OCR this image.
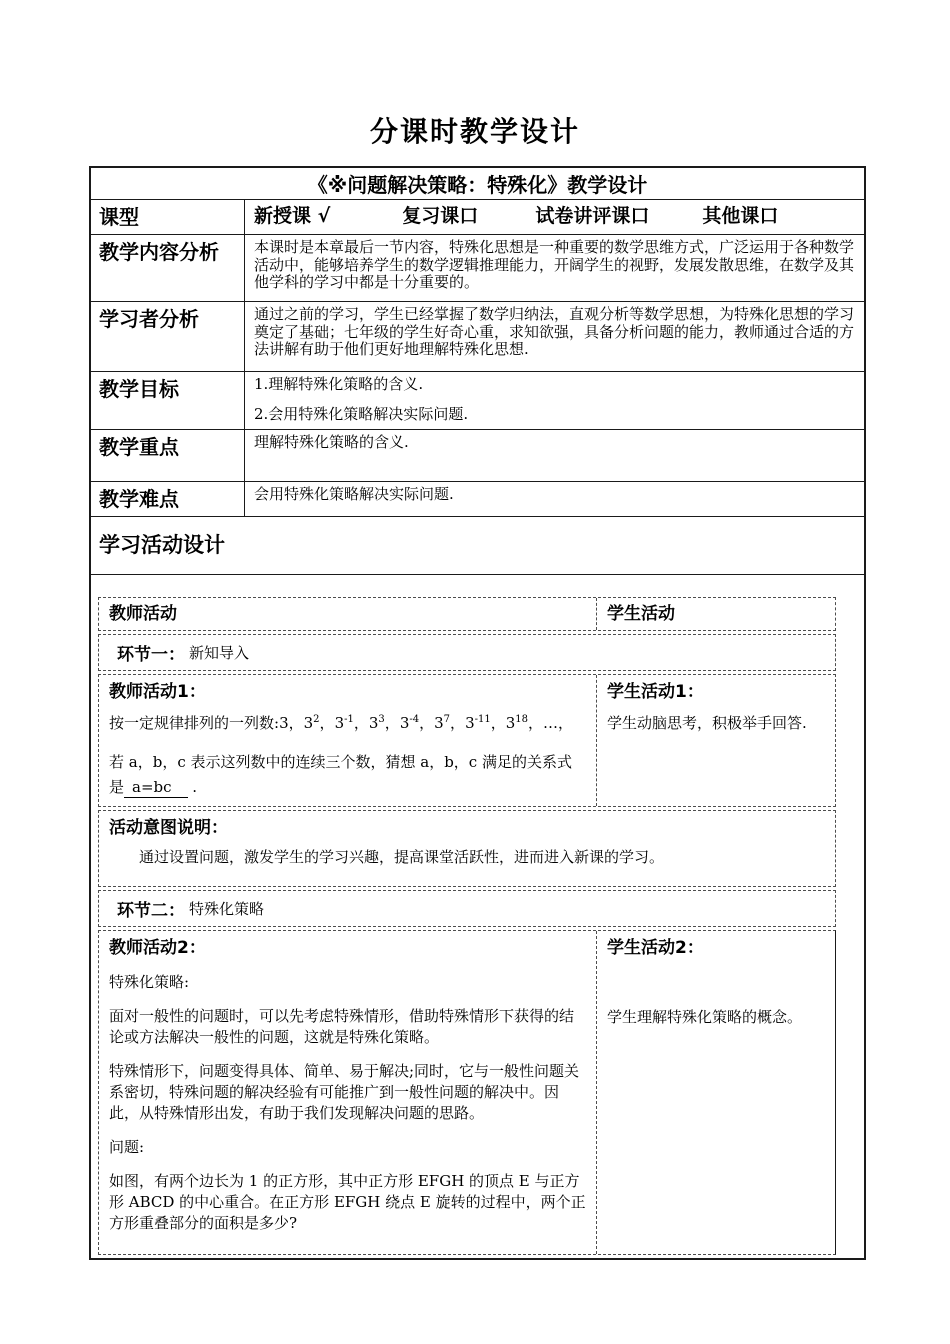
分课时教学设计
《※问题解决策略：特殊化》教学设计
课型	新授课 √	复习课口	试卷讲评课口	其他课口
教学内容分析	本课时是本章最后一节内容，特殊化思想是一种重要的数学思维方式，广泛运用于各种数学活动中，能够培养学生的数学逻辑推理能力，开阔学生的视野，发展发散思维，在数学及其他学科的学习中都是十分重要的。
学习者分析	通过之前的学习，学生已经掌握了数学归纳法，直观分析等数学思想，为特殊化思想的学习奠定了基础；七年级的学生好奇心重，求知欲强，具备分析问题的能力，教师通过合适的方法讲解有助于他们更好地理解特殊化思想.
教学目标	1.理解特殊化策略的含义.
2.会用特殊化策略解决实际问题.
教学重点	理解特殊化策略的含义.
教学难点	会用特殊化策略解决实际问题.
学习活动设计
教师活动	学生活动
环节一： 新知导入
教师活动1：
按一定规律排列的一列数:3，$3^2$，$3^{-1}$，$3^3$，$3^{-4}$，$3^7$，$3^{-11}$，$3^{18}$，…，
若 a，b，c 表示这列数中的连续三个数，猜想 a，b，c 满足的关系式是 a=bc .
学生活动1：
学生动脑思考，积极举手回答.
活动意图说明：
通过设置问题，激发学生的学习兴趣，提高课堂活跃性，进而进入新课的学习。
环节二： 特殊化策略
教师活动2：
特殊化策略:
面对一般性的问题时，可以先考虑特殊情形，借助特殊情形下获得的结论或方法解决一般性的问题，这就是特殊化策略。
特殊情形下，问题变得具体、简单、易于解决;同时，它与一般性问题关系密切，特殊问题的解决经验有可能推广到一般性问题的解决中。因此，从特殊情形出发，有助于我们发现解决问题的思路。
问题:
如图，有两个边长为 1 的正方形，其中正方形 EFGH 的顶点 E 与正方形 ABCD 的中心重合。在正方形 EFGH 绕点 E 旋转的过程中，两个正方形重叠部分的面积是多少?
学生活动2：
学生理解特殊化策略的概念。
